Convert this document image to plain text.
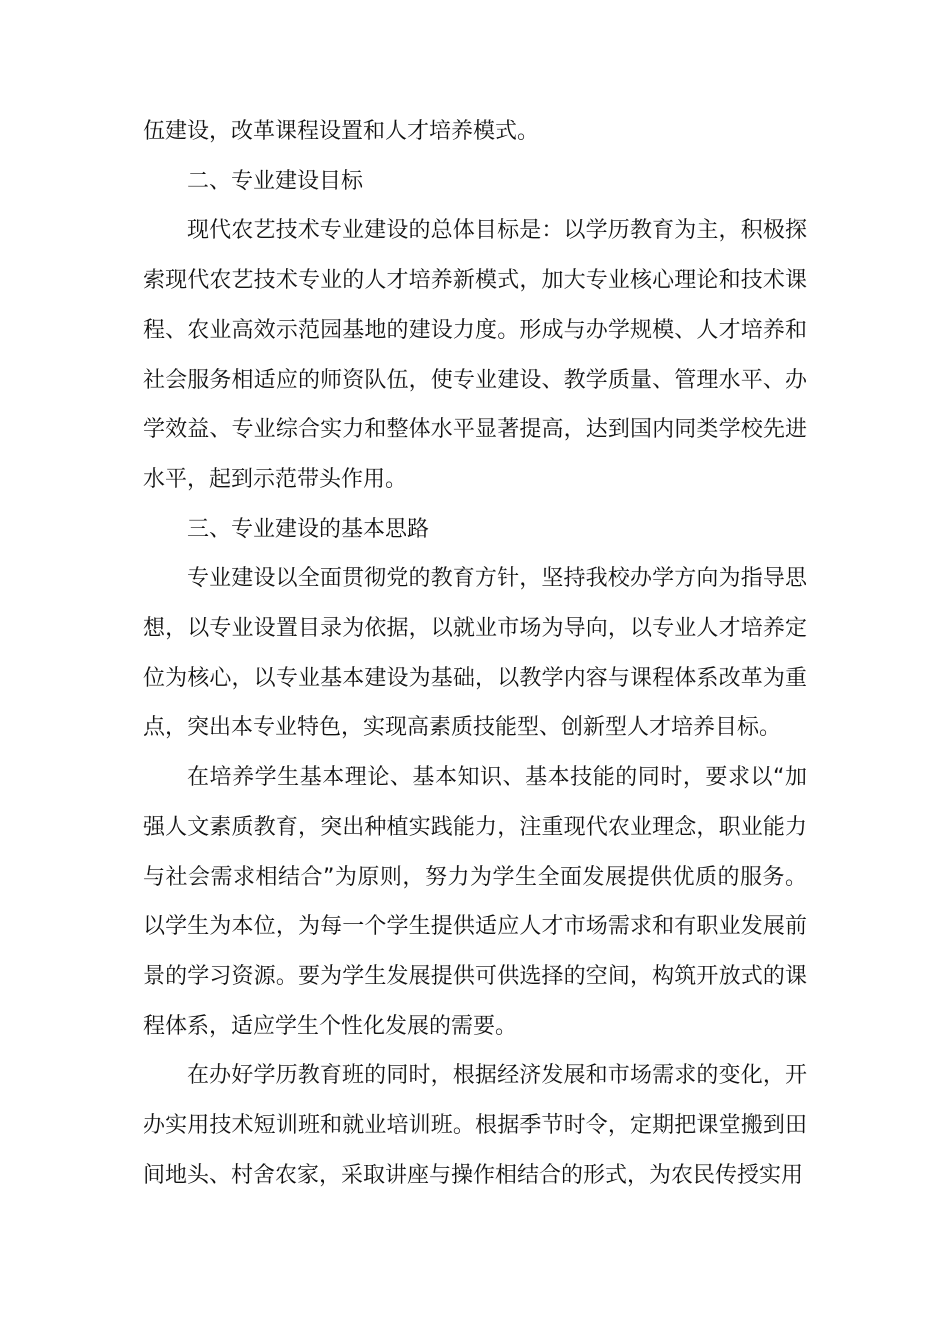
伍建设，改革课程设置和人才培养模式。

二、专业建设目标

现代农艺技术专业建设的总体目标是：以学历教育为主，积极探索现代农艺技术专业的人才培养新模式，加大专业核心理论和技术课程、农业高效示范园基地的建设力度。形成与办学规模、人才培养和社会服务相适应的师资队伍，使专业建设、教学质量、管理水平、办学效益、专业综合实力和整体水平显著提高，达到国内同类学校先进水平，起到示范带头作用。

三、专业建设的基本思路

专业建设以全面贯彻党的教育方针，坚持我校办学方向为指导思想，以专业设置目录为依据，以就业市场为导向，以专业人才培养定位为核心，以专业基本建设为基础，以教学内容与课程体系改革为重点，突出本专业特色，实现高素质技能型、创新型人才培养目标。

在培养学生基本理论、基本知识、基本技能的同时，要求以“加强人文素质教育，突出种植实践能力，注重现代农业理念，职业能力与社会需求相结合”为原则，努力为学生全面发展提供优质的服务。以学生为本位，为每一个学生提供适应人才市场需求和有职业发展前景的学习资源。要为学生发展提供可供选择的空间，构筑开放式的课程体系，适应学生个性化发展的需要。

在办好学历教育班的同时，根据经济发展和市场需求的变化，开办实用技术短训班和就业培训班。根据季节时令，定期把课堂搬到田间地头、村舍农家，采取讲座与操作相结合的形式，为农民传授实用
